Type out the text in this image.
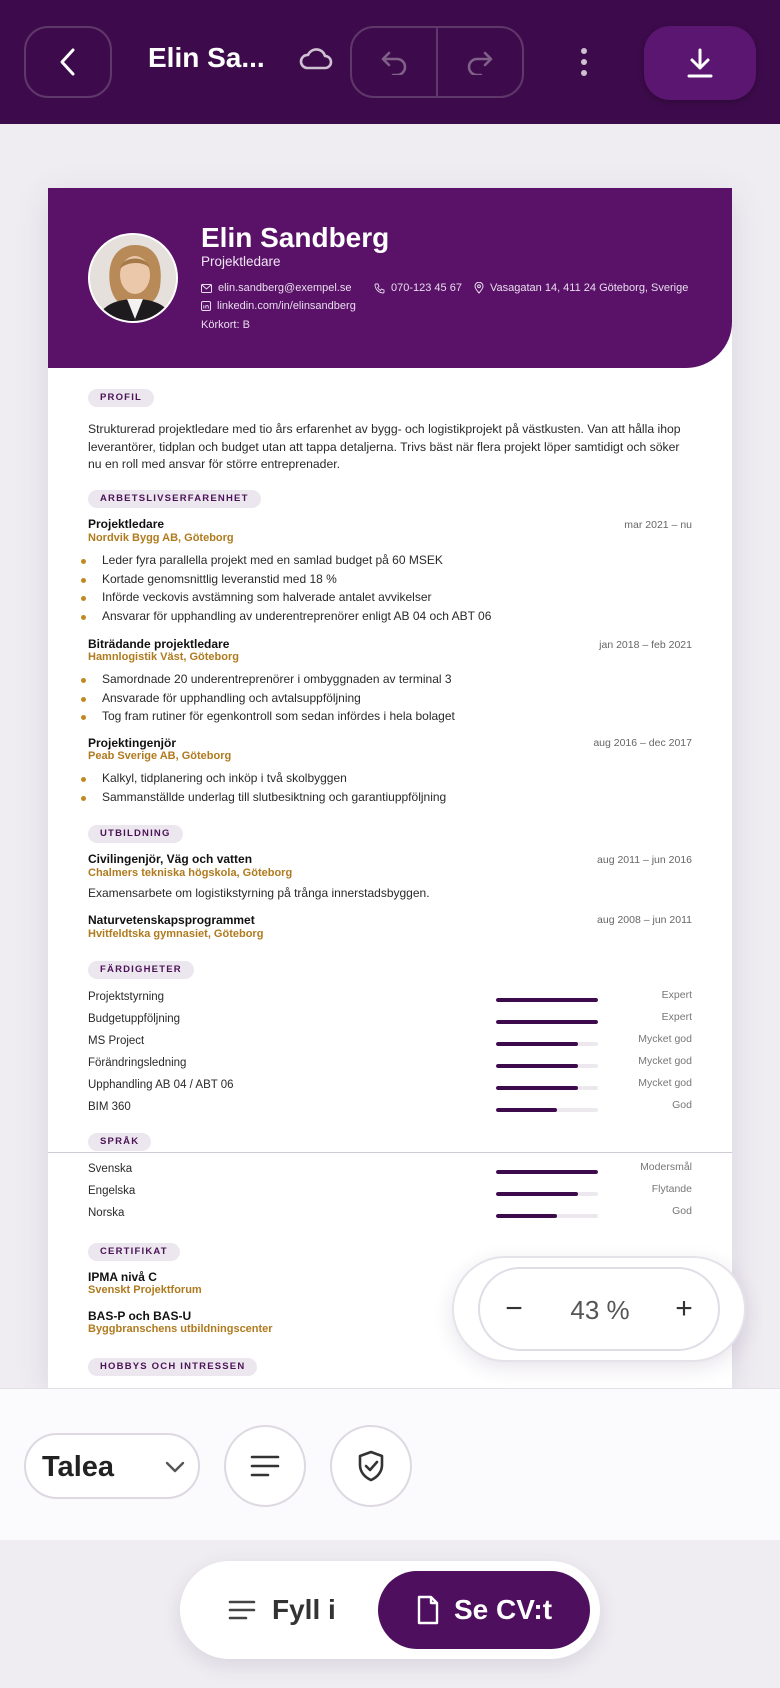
Elin Sa...
Elin Sandberg
Projektledare
elin.sandberg@exempel.se	070-123 45 67	Vasagatan 14, 411 24 Göteborg, Sverige
linkedin.com/in/elinsandberg
Körkort: B
PROFIL
Strukturerad projektledare med tio års erfarenhet av bygg- och logistikprojekt på västkusten. Van att hålla ihop leverantörer, tidplan och budget utan att tappa detaljerna. Trivs bäst när flera projekt löper samtidigt och söker nu en roll med ansvar för större entreprenader.
ARBETSLIVSERFARENHET
Projektledare	mar 2021 – nu
Nordvik Bygg AB, Göteborg
Leder fyra parallella projekt med en samlad budget på 60 MSEK
Kortade genomsnittlig leveranstid med 18 %
Införde veckovis avstämning som halverade antalet avvikelser
Ansvarar för upphandling av underentreprenörer enligt AB 04 och ABT 06
Biträdande projektledare	jan 2018 – feb 2021
Hamnlogistik Väst, Göteborg
Samordnade 20 underentreprenörer i ombyggnaden av terminal 3
Ansvarade för upphandling och avtalsuppföljning
Tog fram rutiner för egenkontroll som sedan infördes i hela bolaget
Projektingenjör	aug 2016 – dec 2017
Peab Sverige AB, Göteborg
Kalkyl, tidplanering och inköp i två skolbyggen
Sammanställde underlag till slutbesiktning och garantiuppföljning
UTBILDNING
Civilingenjör, Väg och vatten	aug 2011 – jun 2016
Chalmers tekniska högskola, Göteborg
Examensarbete om logistikstyrning på trånga innerstadsbyggen.
Naturvetenskapsprogrammet	aug 2008 – jun 2011
Hvitfeldtska gymnasiet, Göteborg
FÄRDIGHETER
Projektstyrning	Expert
Budgetuppföljning	Expert
MS Project	Mycket god
Förändringsledning	Mycket god
Upphandling AB 04 / ABT 06	Mycket god
BIM 360	God
SPRÅK
Svenska	Modersmål
Engelska	Flytande
Norska	God
CERTIFIKAT
IPMA nivå C
Svenskt Projektforum
BAS-P och BAS-U
Byggbranschens utbildningscenter
HOBBYS OCH INTRESSEN
−	43 %	+
Talea
Fyll i	Se CV:t
